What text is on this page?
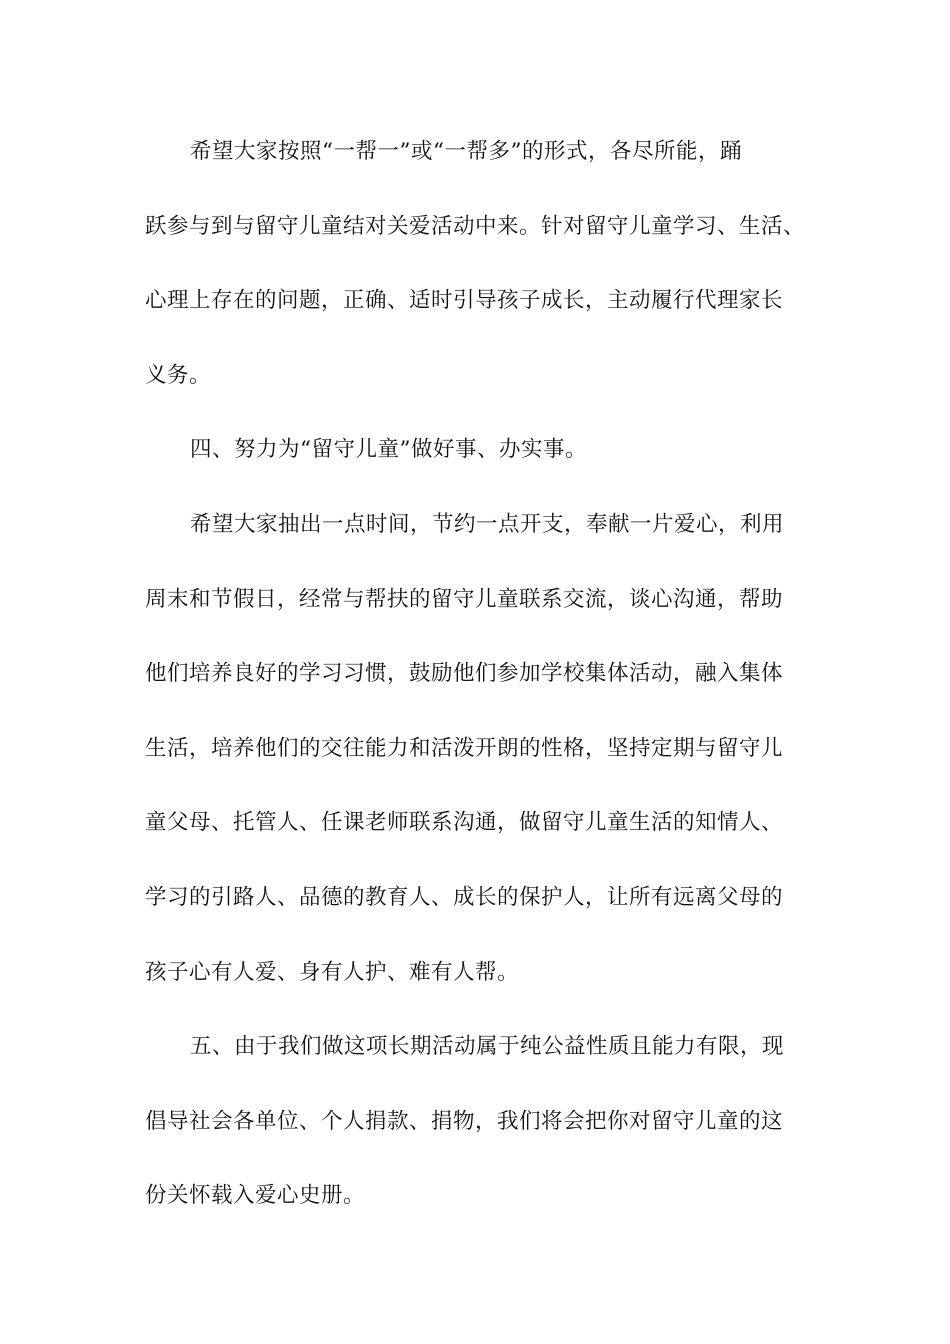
希望大家按照“一帮一”或“一帮多”的形式，各尽所能，踊

跃参与到与留守儿童结对关爱活动中来。针对留守儿童学习、生活、

心理上存在的问题，正确、适时引导孩子成长，主动履行代理家长

义务。

四、努力为“留守儿童”做好事、办实事。

希望大家抽出一点时间，节约一点开支，奉献一片爱心，利用

周末和节假日，经常与帮扶的留守儿童联系交流，谈心沟通，帮助

他们培养良好的学习习惯，鼓励他们参加学校集体活动，融入集体

生活，培养他们的交往能力和活泼开朗的性格，坚持定期与留守儿

童父母、托管人、任课老师联系沟通，做留守儿童生活的知情人、

学习的引路人、品德的教育人、成长的保护人，让所有远离父母的

孩子心有人爱、身有人护、难有人帮。

五、由于我们做这项长期活动属于纯公益性质且能力有限，现

倡导社会各单位、个人捐款、捐物，我们将会把你对留守儿童的这

份关怀载入爱心史册。
